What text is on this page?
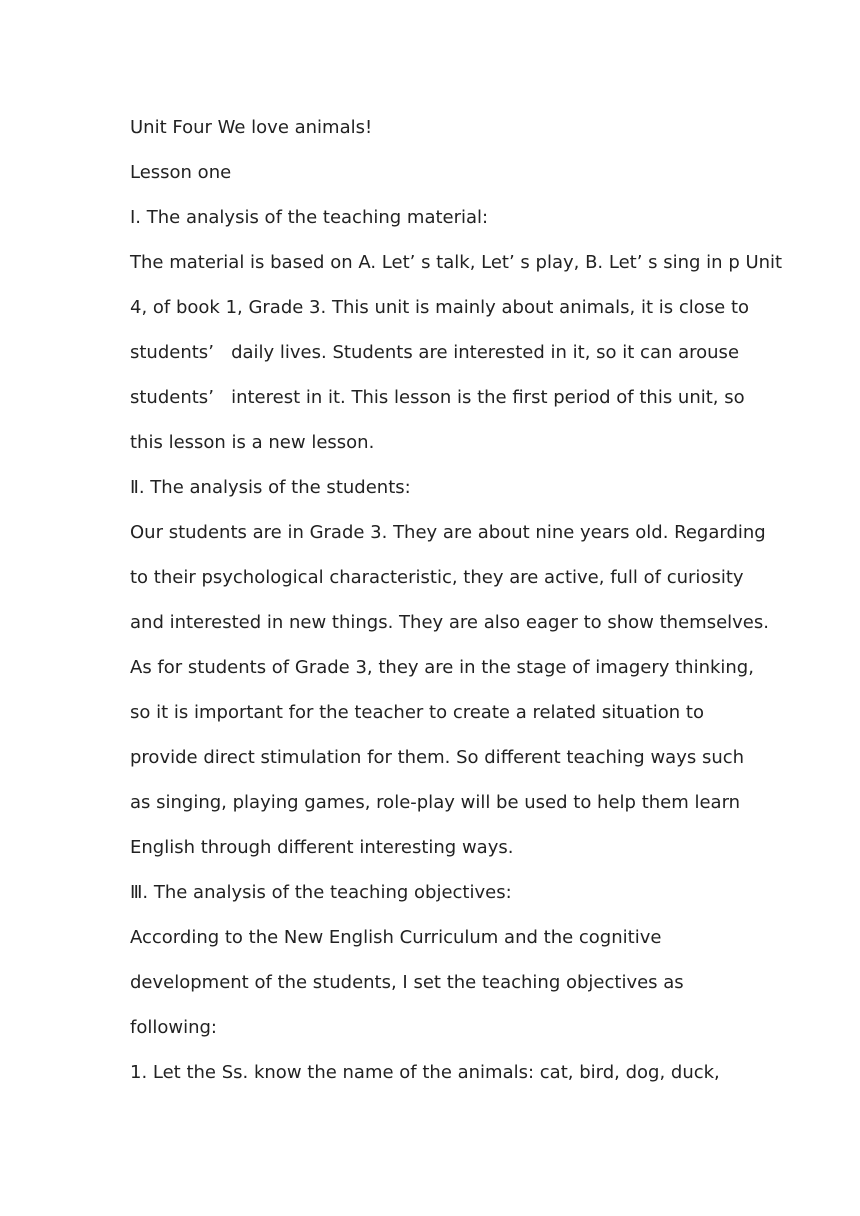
Unit Four We love animals!
Lesson one
Ⅰ. The analysis of the teaching material:
The material is based on A. Let’ s talk, Let’ s play, B. Let’ s sing in p Unit
4, of book 1, Grade 3. This unit is mainly about animals, it is close to
students’   daily lives. Students are interested in it, so it can arouse
students’   interest in it. This lesson is the first period of this unit, so
this lesson is a new lesson.
Ⅱ. The analysis of the students:
Our students are in Grade 3. They are about nine years old. Regarding
to their psychological characteristic, they are active, full of curiosity
and interested in new things. They are also eager to show themselves.
As for students of Grade 3, they are in the stage of imagery thinking,
so it is important for the teacher to create a related situation to
provide direct stimulation for them. So different teaching ways such
as singing, playing games, role-play will be used to help them learn
English through different interesting ways.
Ⅲ. The analysis of the teaching objectives:
According to the New English Curriculum and the cognitive
development of the students, I set the teaching objectives as
following:
1. Let the Ss. know the name of the animals: cat, bird, dog, duck,
